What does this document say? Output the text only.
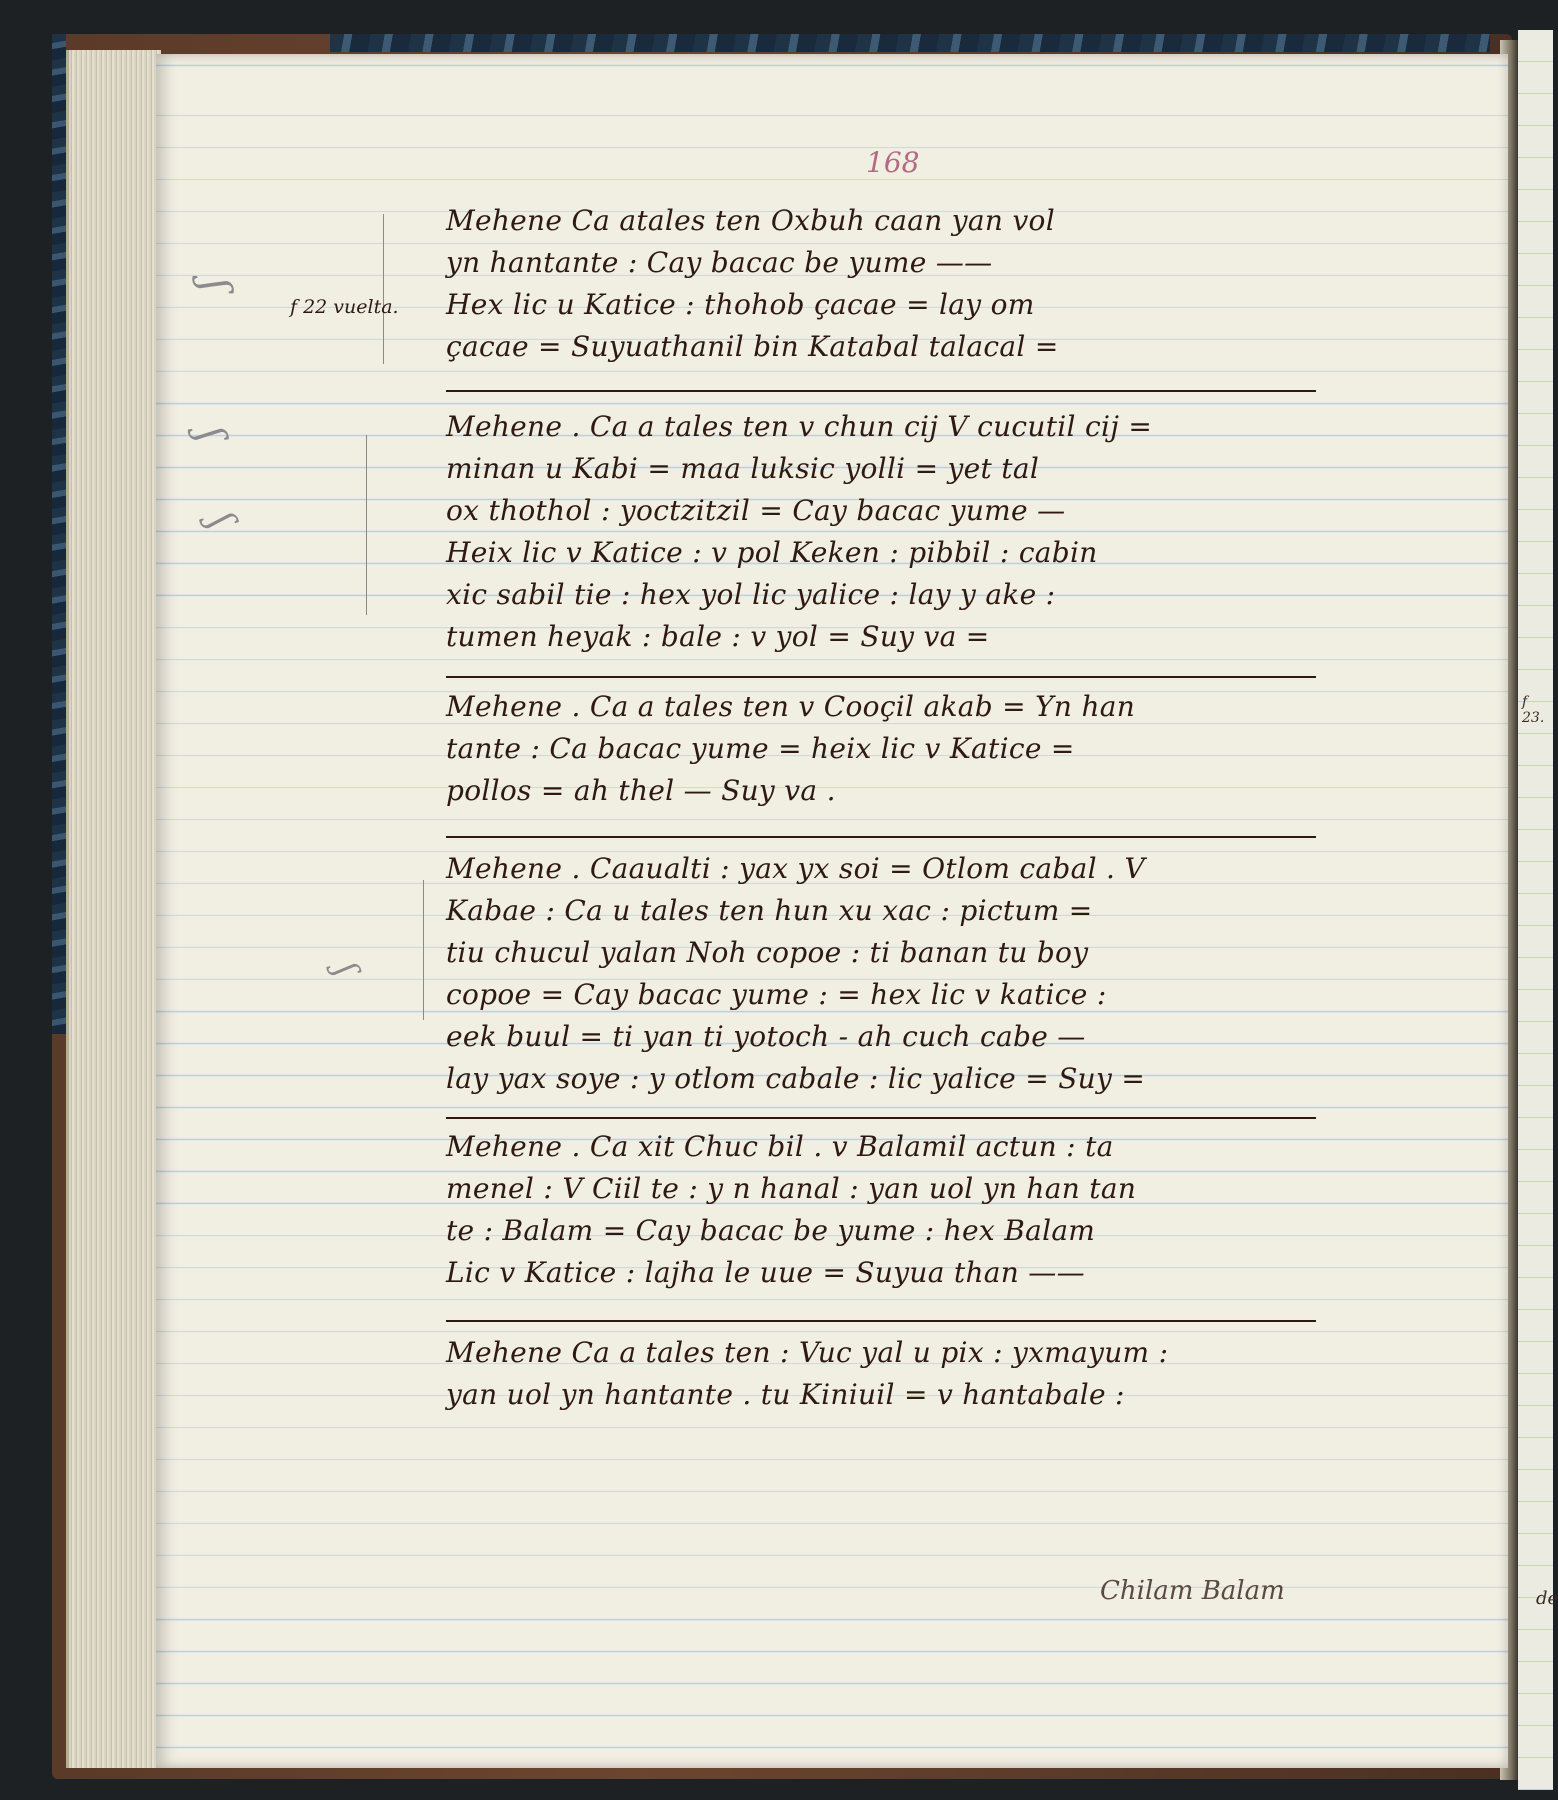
168
ʃ
ʃ
ʃ
ʃ
f 22 vuelta.
f 23.
Mehene Ca atales ten Oxbuh caan yan vol
yn hantante : Cay bacac be yume ——
Hex lic u Katice : thohob çacae = lay om
çacae = Suyuathanil bin Katabal talacal =
Mehene . Ca a tales ten v chun cij V cucutil cij =
minan u Kabi = maa luksic yolli = yet tal
ox thothol : yoctzitzil = Cay bacac yume —
Heix lic v Katice : v pol Keken : pibbil : cabin
xic sabil tie : hex yol lic yalice : lay y ake :
tumen heyak : bale : v yol = Suy va =
Mehene . Ca a tales ten v Cooçil akab = Yn han
tante : Ca bacac yume = heix lic v Katice =
pollos = ah thel — Suy va .
Mehene . Caaualti : yax yx soi = Otlom cabal . V
Kabae : Ca u tales ten hun xu xac : pictum =
tiu chucul yalan Noh copoe : ti banan tu boy
copoe = Cay bacac yume : = hex lic v katice :
eek buul = ti yan ti yotoch - ah cuch cabe —
lay yax soye : y otlom cabale : lic yalice = Suy =
Mehene . Ca xit Chuc bil . v Balamil actun : ta
menel : V Ciil te : y n hanal : yan uol yn han tan
te : Balam = Cay bacac be yume : hex Balam
Lic v Katice : lajha le uue = Suyua than ——
Mehene Ca a tales ten : Vuc yal u pix : yxmayum :
yan uol yn hantante . tu Kiniuil = v hantabale :
Chilam Balam	de
